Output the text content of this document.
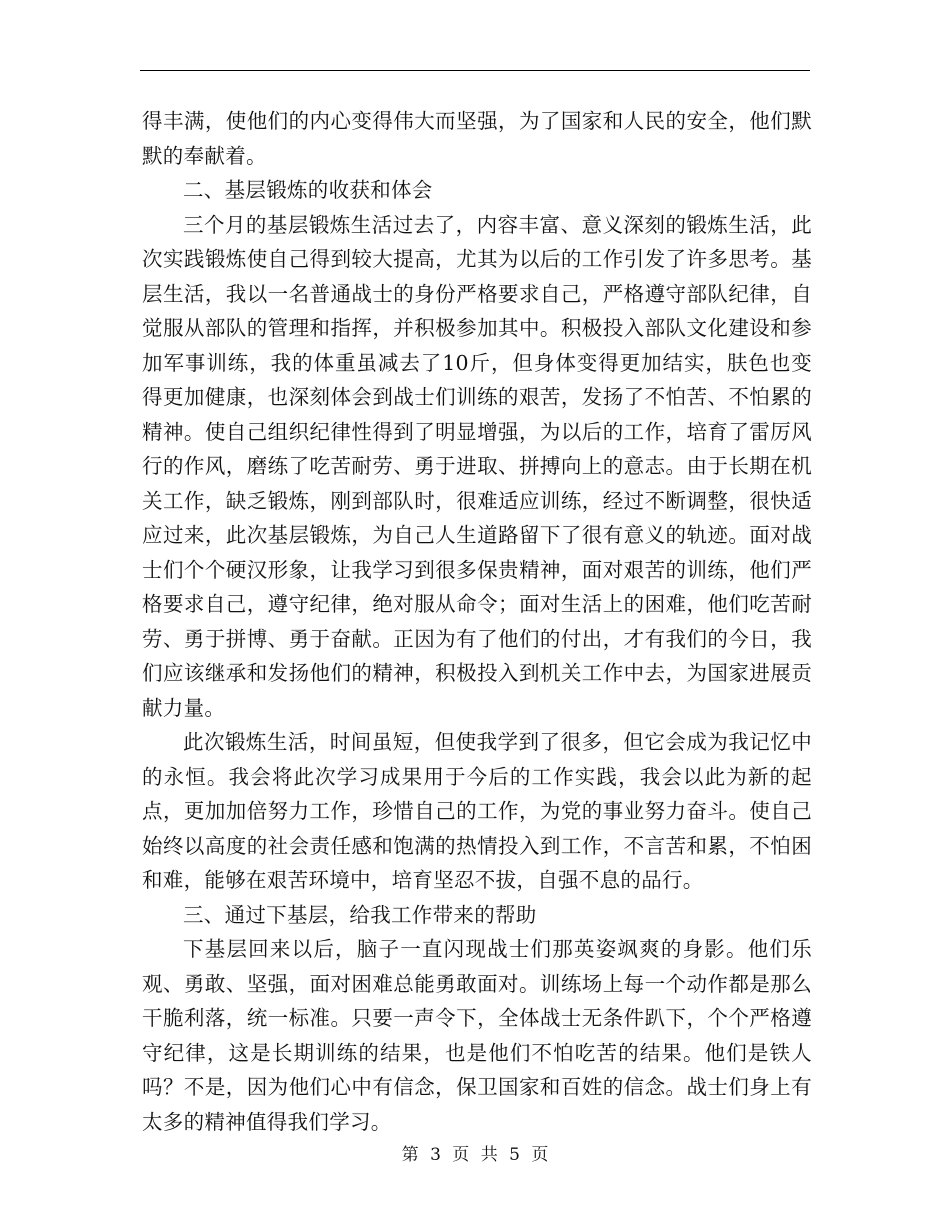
得丰满，使他们的内心变得伟大而坚强，为了国家和人民的安全，他们默默的奉献着。

二、基层锻炼的收获和体会

三个月的基层锻炼生活过去了，内容丰富、意义深刻的锻炼生活，此次实践锻炼使自己得到较大提高，尤其为以后的工作引发了许多思考。基层生活，我以一名普通战士的身份严格要求自己，严格遵守部队纪律，自觉服从部队的管理和指挥，并积极参加其中。积极投入部队文化建设和参加军事训练，我的体重虽减去了10斤，但身体变得更加结实，肤色也变得更加健康，也深刻体会到战士们训练的艰苦，发扬了不怕苦、不怕累的精神。使自己组织纪律性得到了明显增强，为以后的工作，培育了雷厉风行的作风，磨练了吃苦耐劳、勇于进取、拼搏向上的意志。由于长期在机关工作，缺乏锻炼，刚到部队时，很难适应训练，经过不断调整，很快适应过来，此次基层锻炼，为自己人生道路留下了很有意义的轨迹。面对战士们个个硬汉形象，让我学习到很多保贵精神，面对艰苦的训练，他们严格要求自己，遵守纪律，绝对服从命令；面对生活上的困难，他们吃苦耐劳、勇于拼博、勇于奋献。正因为有了他们的付出，才有我们的今日，我们应该继承和发扬他们的精神，积极投入到机关工作中去，为国家进展贡献力量。

此次锻炼生活，时间虽短，但使我学到了很多，但它会成为我记忆中的永恒。我会将此次学习成果用于今后的工作实践，我会以此为新的起点，更加加倍努力工作，珍惜自己的工作，为党的事业努力奋斗。使自己始终以高度的社会责任感和饱满的热情投入到工作，不言苦和累，不怕困和难，能够在艰苦环境中，培育坚忍不拔，自强不息的品行。

三、通过下基层，给我工作带来的帮助

下基层回来以后，脑子一直闪现战士们那英姿飒爽的身影。他们乐观、勇敢、坚强，面对困难总能勇敢面对。训练场上每一个动作都是那么干脆利落，统一标准。只要一声令下，全体战士无条件趴下，个个严格遵守纪律，这是长期训练的结果，也是他们不怕吃苦的结果。他们是铁人吗？不是，因为他们心中有信念，保卫国家和百姓的信念。战士们身上有太多的精神值得我们学习。

第 3 页 共 5 页
